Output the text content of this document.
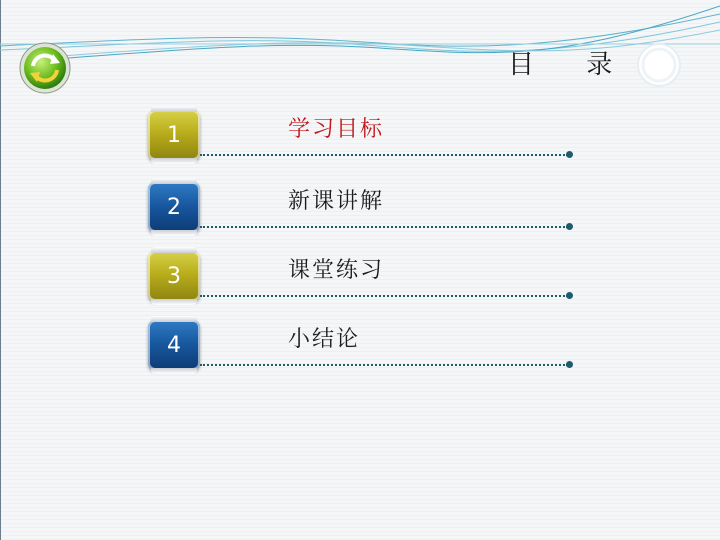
目 录
1	学习目标
2	新课讲解
3	课堂练习
4	小结论
